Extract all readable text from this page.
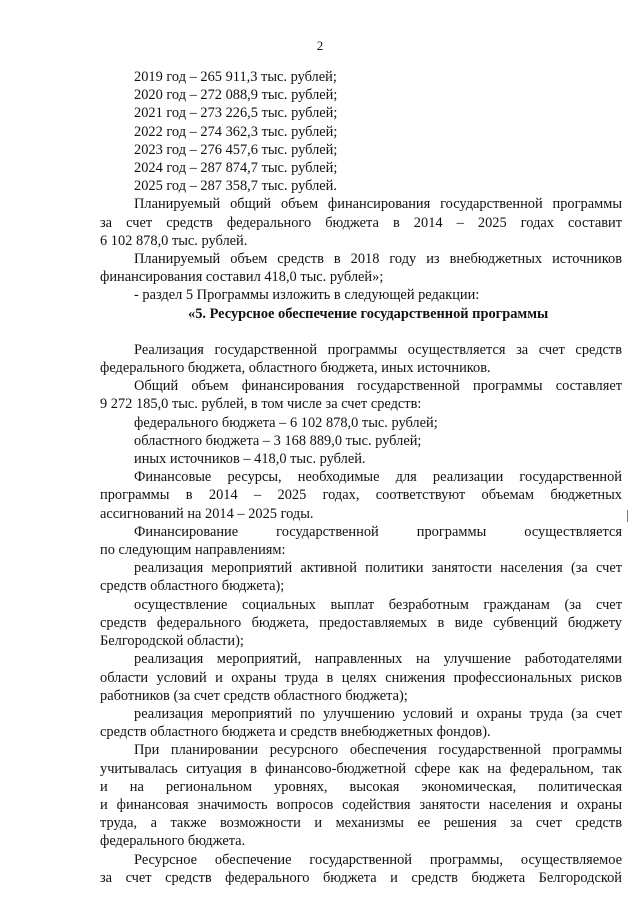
2
2019 год – 265 911,3 тыс. рублей;
2020 год – 272 088,9 тыс. рублей;
2021 год – 273 226,5 тыс. рублей;
2022 год – 274 362,3 тыс. рублей;
2023 год – 276 457,6 тыс. рублей;
2024 год – 287 874,7 тыс. рублей;
2025 год – 287 358,7 тыс. рублей.
Планируемый общий объем финансирования государственной программы
за счет средств федерального бюджета в 2014 – 2025 годах составит
6 102 878,0 тыс. рублей.
Планируемый объем средств в 2018 году из внебюджетных источников
финансирования составил 418,0 тыс. рублей»;
- раздел 5 Программы изложить в следующей редакции:
«5. Ресурсное обеспечение государственной программы
Реализация государственной программы осуществляется за счет средств
федерального бюджета, областного бюджета, иных источников.
Общий объем финансирования государственной программы составляет
9 272 185,0 тыс. рублей, в том числе за счет средств:
федерального бюджета – 6 102 878,0 тыс. рублей;
областного бюджета – 3 168 889,0 тыс. рублей;
иных источников – 418,0 тыс. рублей.
Финансовые ресурсы, необходимые для реализации государственной
программы в 2014 – 2025 годах, соответствуют объемам бюджетных
ассигнований на 2014 – 2025 годы.
Финансирование государственной программы осуществляется
по следующим направлениям:
реализация мероприятий активной политики занятости населения (за счет
средств областного бюджета);
осуществление социальных выплат безработным гражданам (за счет
средств федерального бюджета, предоставляемых в виде субвенций бюджету
Белгородской области);
реализация мероприятий, направленных на улучшение работодателями
области условий и охраны труда в целях снижения профессиональных рисков
работников (за счет средств областного бюджета);
реализация мероприятий по улучшению условий и охраны труда (за счет
средств областного бюджета и средств внебюджетных фондов).
При планировании ресурсного обеспечения государственной программы
учитывалась ситуация в финансово-бюджетной сфере как на федеральном, так
и на региональном уровнях, высокая экономическая, политическая
и финансовая значимость вопросов содействия занятости населения и охраны
труда, а также возможности и механизмы ее решения за счет средств
федерального бюджета.
Ресурсное обеспечение государственной программы, осуществляемое
за счет средств федерального бюджета и средств бюджета Белгородской
